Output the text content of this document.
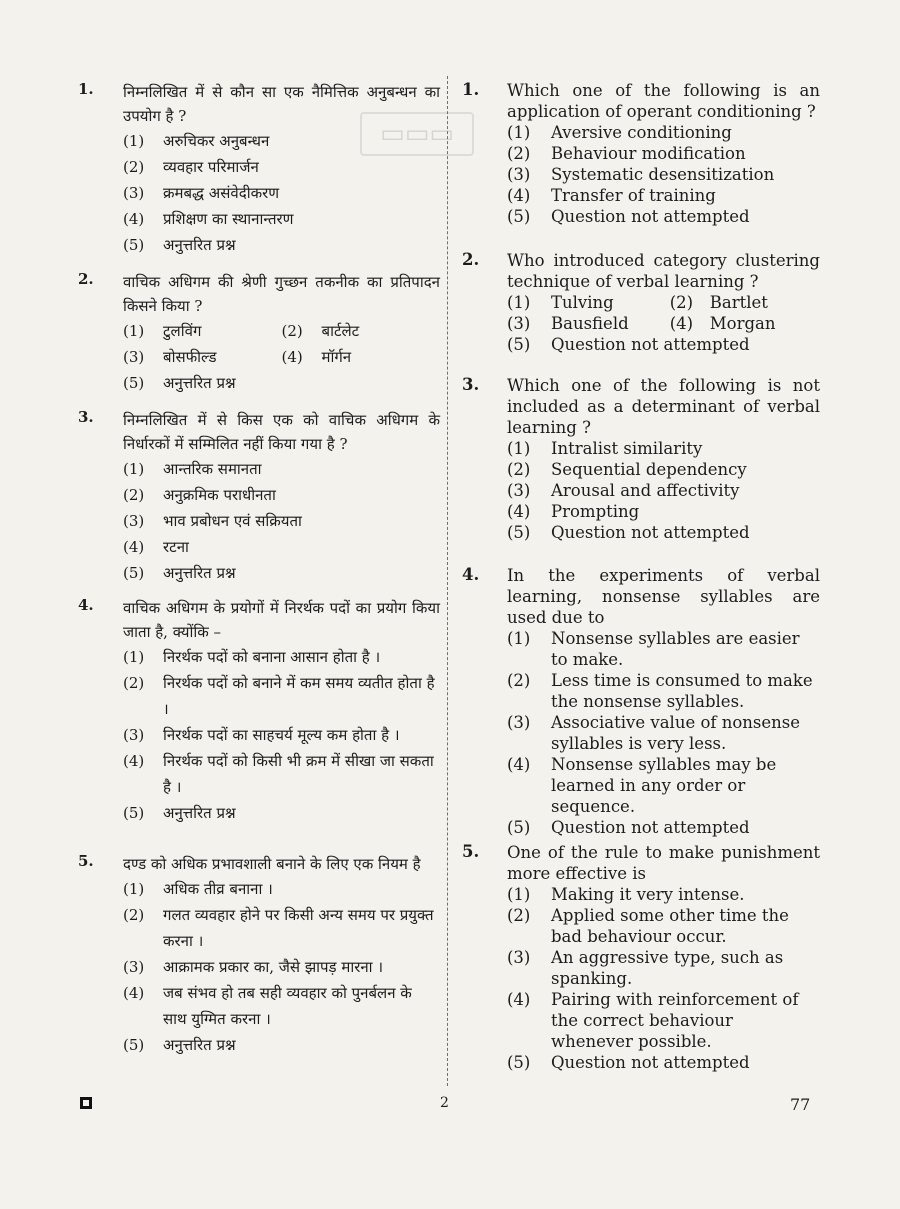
▭▭▭
1.	निम्नलिखित में से कौन सा एक नैमित्तिक अनुबन्धन का उपयोग है ?
(1) अरुचिकर अनुबन्धन
(2) व्यवहार परिमार्जन
(3) क्रमबद्ध असंवेदीकरण
(4) प्रशिक्षण का स्थानान्तरण
(5) अनुत्तरित प्रश्न
2.	वाचिक अधिगम की श्रेणी गुच्छन तकनीक का प्रतिपादन किसने किया ?
(1) टुलविंग	(2) बार्टलेट
(3) बोसफील्ड	(4) मॉर्गन
(5) अनुत्तरित प्रश्न
3.	निम्नलिखित में से किस एक को वाचिक अधिगम के निर्धारकों में सम्मिलित नहीं किया गया है ?
(1) आन्तरिक समानता
(2) अनुक्रमिक पराधीनता
(3) भाव प्रबोधन एवं सक्रियता
(4) रटना
(5) अनुत्तरित प्रश्न
4.	वाचिक अधिगम के प्रयोगों में निरर्थक पदों का प्रयोग किया जाता है, क्योंकि –
(1) निरर्थक पदों को बनाना आसान होता है ।
(2) निरर्थक पदों को बनाने में कम समय व्यतीत होता है ।
(3) निरर्थक पदों का साहचर्य मूल्य कम होता है ।
(4) निरर्थक पदों को किसी भी क्रम में सीखा जा सकता है ।
(5) अनुत्तरित प्रश्न
5.	दण्ड को अधिक प्रभावशाली बनाने के लिए एक नियम है
(1) अधिक तीव्र बनाना ।
(2) गलत व्यवहार होने पर किसी अन्य समय पर प्रयुक्त करना ।
(3) आक्रामक प्रकार का, जैसे झापड़ मारना ।
(4) जब संभव हो तब सही व्यवहार को पुनर्बलन के साथ युग्मित करना ।
(5) अनुत्तरित प्रश्न
1.	Which one of the following is an application of operant conditioning ?
(1) Aversive conditioning
(2) Behaviour modification
(3) Systematic desensitization
(4) Transfer of training
(5) Question not attempted
2.	Who introduced category clustering technique of verbal learning ?
(1) Tulving	(2) Bartlet
(3) Bausfield	(4) Morgan
(5) Question not attempted
3.	Which one of the following is not included as a determinant of verbal learning ?
(1) Intralist similarity
(2) Sequential dependency
(3) Arousal and affectivity
(4) Prompting
(5) Question not attempted
4.	In the experiments of verbal learning, nonsense syllables are used due to
(1) Nonsense syllables are easier to make.
(2) Less time is consumed to make the nonsense syllables.
(3) Associative value of nonsense syllables is very less.
(4) Nonsense syllables may be learned in any order or sequence.
(5) Question not attempted
5.	One of the rule to make punishment more effective is
(1) Making it very intense.
(2) Applied some other time the bad behaviour occur.
(3) An aggressive type, such as spanking.
(4) Pairing with reinforcement of the correct behaviour whenever possible.
(5) Question not attempted
2	77
